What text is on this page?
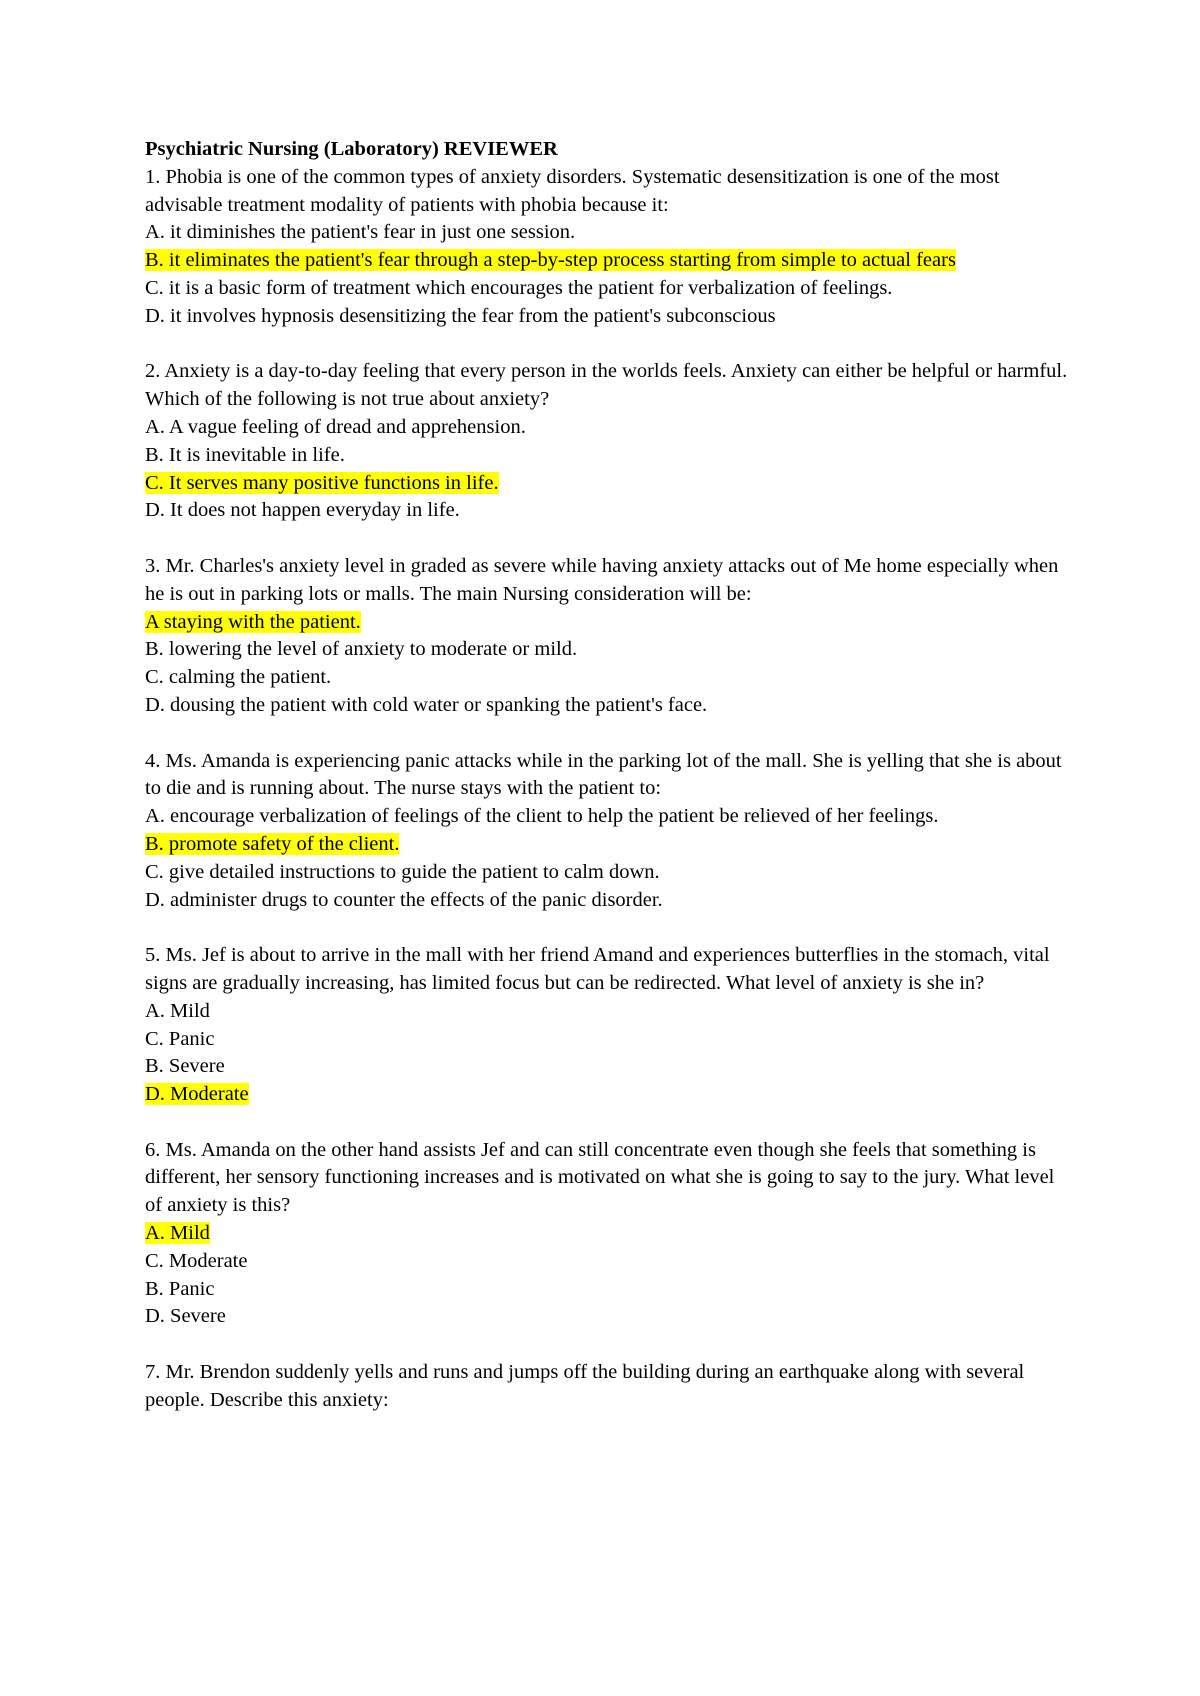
Psychiatric Nursing (Laboratory) REVIEWER

1. Phobia is one of the common types of anxiety disorders. Systematic desensitization is one of the most advisable treatment modality of patients with phobia because it:

A. it diminishes the patient's fear in just one session.

B. it eliminates the patient's fear through a step-by-step process starting from simple to actual fears

C. it is a basic form of treatment which encourages the patient for verbalization of feelings.

D. it involves hypnosis desensitizing the fear from the patient's subconscious

2. Anxiety is a day-to-day feeling that every person in the worlds feels. Anxiety can either be helpful or harmful. Which of the following is not true about anxiety?

A. A vague feeling of dread and apprehension.

B. It is inevitable in life.

C. It serves many positive functions in life.

D. It does not happen everyday in life.

3. Mr. Charles's anxiety level in graded as severe while having anxiety attacks out of Me home especially when he is out in parking lots or malls. The main Nursing consideration will be:

A staying with the patient.

B. lowering the level of anxiety to moderate or mild.

C. calming the patient.

D. dousing the patient with cold water or spanking the patient's face.

4. Ms. Amanda is experiencing panic attacks while in the parking lot of the mall. She is yelling that she is about to die and is running about. The nurse stays with the patient to:

A. encourage verbalization of feelings of the client to help the patient be relieved of her feelings.

B. promote safety of the client.

C. give detailed instructions to guide the patient to calm down.

D. administer drugs to counter the effects of the panic disorder.

5. Ms. Jef is about to arrive in the mall with her friend Amand and experiences butterflies in the stomach, vital signs are gradually increasing, has limited focus but can be redirected. What level of anxiety is she in?

A. Mild

C. Panic

B. Severe

D. Moderate

6. Ms. Amanda on the other hand assists Jef and can still concentrate even though she feels that something is different, her sensory functioning increases and is motivated on what she is going to say to the jury. What level of anxiety is this?

A. Mild

C. Moderate

B. Panic

D. Severe

7. Mr. Brendon suddenly yells and runs and jumps off the building during an earthquake along with several people. Describe this anxiety:
